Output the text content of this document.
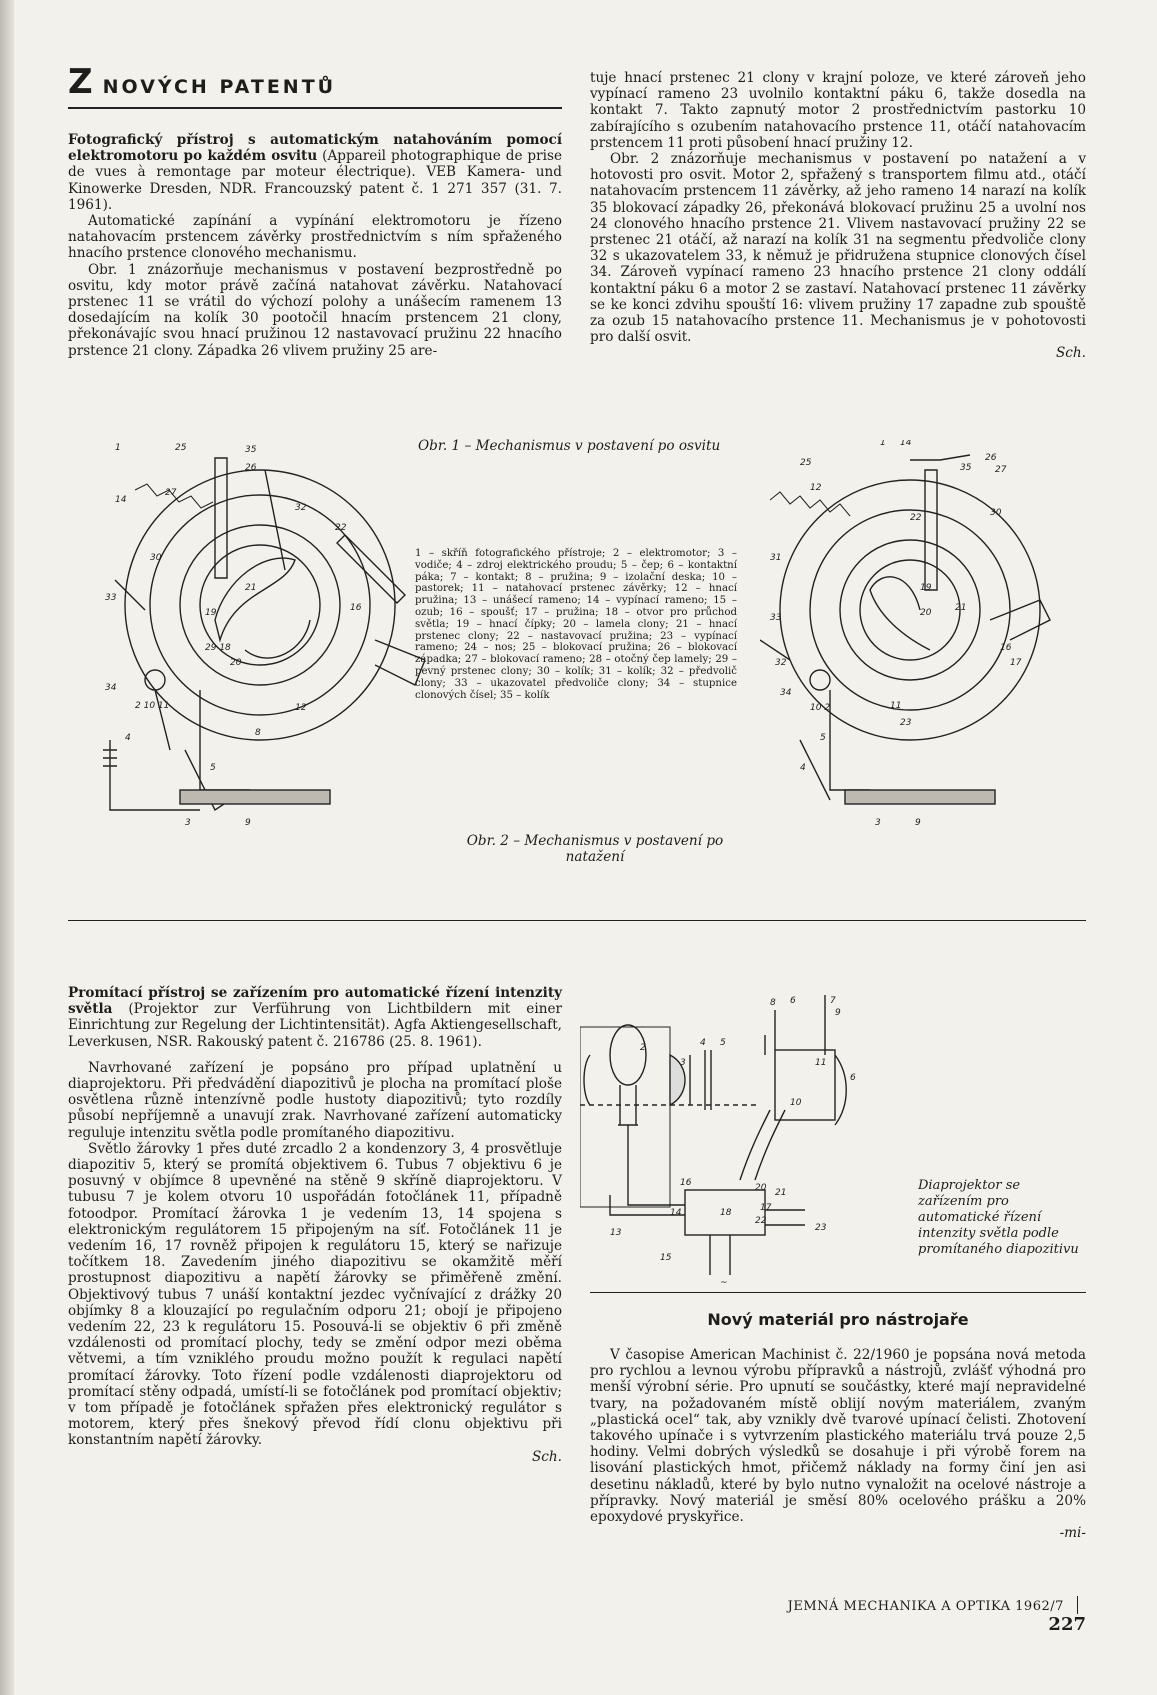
ZNOVÝCH PATENTŮ

Fotografický přístroj s automatickým natahováním pomocí elektromotoru po každém osvitu (Appareil photographique de prise de vues à remontage par moteur électrique). VEB Kamera- und Kinowerke Dresden, NDR. Francouzský patent č. 1 271 357 (31. 7. 1961).

Automatické zapínání a vypínání elektromotoru je řízeno natahovacím prstencem závěrky prostřednictvím s ním spřaženého hnacího prstence clonového mechanismu.

Obr. 1 znázorňuje mechanismus v postavení bezprostředně po osvitu, kdy motor právě začíná natahovat závěrku. Natahovací prstenec 11 se vrátil do výchozí polohy a unášecím ramenem 13 dosedajícím na kolík 30 pootočil hnacím prstencem 21 clony, překonávajíc svou hnací pružinou 12 nastavovací pružinu 22 hnacího prstence 21 clony. Západka 26 vlivem pružiny 25 are-

tuje hnací prstenec 21 clony v krajní poloze, ve které zároveň jeho vypínací rameno 23 uvolnilo kontaktní páku 6, takže dosedla na kontakt 7. Takto zapnutý motor 2 prostřednictvím pastorku 10 zabírajícího s ozubením natahovacího prstence 11, otáčí natahovacím prstencem 11 proti působení hnací pružiny 12.

Obr. 2 znázorňuje mechanismus v postavení po natažení a v hotovosti pro osvit. Motor 2, spřažený s transportem filmu atd., otáčí natahovacím prstencem 11 závěrky, až jeho rameno 14 narazí na kolík 35 blokovací západky 26, překonává blokovací pružinu 25 a uvolní nos 24 clonového hnacího prstence 21. Vlivem nastavovací pružiny 22 se prstenec 21 otáčí, až narazí na kolík 31 na segmentu předvoliče clony 32 s ukazovatelem 33, k němuž je přidružena stupnice clonových čísel 34. Zároveň vypínací rameno 23 hnacího prstence 21 clony oddálí kontaktní páku 6 a motor 2 se zastaví. Natahovací prstenec 11 závěrky se ke konci zdvihu spouští 16: vlivem pružiny 17 zapadne zub spouště za ozub 15 natahovacího prstence 11. Mechanismus je v pohotovosti pro další osvit.

Sch.
1	25	35
26
14
27
32
22
30
19
21
29 18
20
16
33
34
2 10 11	12
8
5
4
3	9
Obr. 1 – Mechanismus v postavení po osvitu
1 – skříň fotografického přístroje; 2 – elektromotor; 3 – vodiče; 4 – zdroj elektrického proudu; 5 – čep; 6 – kontaktní páka; 7 – kontakt; 8 – pružina; 9 – izolační deska; 10 – pastorek; 11 – natahovací prstenec závěrky; 12 – hnací pružina; 13 – unášecí rameno; 14 – vypínací rameno; 15 – ozub; 16 – spoušť; 17 – pružina; 18 – otvor pro průchod světla; 19 – hnací čípky; 20 – lamela clony; 21 – hnací prstenec clony; 22 – nastavovací pružina; 23 – vypínací rameno; 24 – nos; 25 – blokovací pružina; 26 – blokovací západka; 27 – blokovací rameno; 28 – otočný čep lamely; 29 – pevný prstenec clony; 30 – kolík; 31 – kolík; 32 – předvolič clony; 33 – ukazovatel předvoliče clony; 34 – stupnice clonových čísel; 35 – kolík
Obr. 2 – Mechanismus v postavení po natažení
1 14
25	35
26
27
12
22	30
31
19
20	21
33
32
16
17
34
10 2	11
23
5
4
3	9

Promítací přístroj se zařízením pro automatické řízení intenzity světla (Projektor zur Verführung von Lichtbildern mit einer Einrichtung zur Regelung der Lichtintensität). Agfa Aktiengesellschaft, Leverkusen, NSR. Rakouský patent č. 216786 (25. 8. 1961).

Navrhované zařízení je popsáno pro případ uplatnění u diaprojektoru. Při předvádění diapozitivů je plocha na promítací ploše osvětlena různě intenzívně podle hustoty diapozitivů; tyto rozdíly působí nepříjemně a unavují zrak. Navrhované zařízení automaticky reguluje intenzitu světla podle promítaného diapozitivu.

Světlo žárovky 1 přes duté zrcadlo 2 a kondenzory 3, 4 prosvětluje diapozitiv 5, který se promítá objektivem 6. Tubus 7 objektivu 6 je posuvný v objímce 8 upevněné na stěně 9 skříně diaprojektoru. V tubusu 7 je kolem otvoru 10 uspořádán fotočlánek 11, případně fotoodpor. Promítací žárovka 1 je vedením 13, 14 spojena s elektronickým regulátorem 15 připojeným na síť. Fotočlánek 11 je vedením 16, 17 rovněž připojen k regulátoru 15, který se nařizuje točítkem 18. Zavedením jiného diapozitivu se okamžitě měří prostupnost diapozitivu a napětí žárovky se přiměřeně změní. Objektivový tubus 7 unáší kontaktní jezdec vyčnívající z drážky 20 objímky 8 a klouzající po regulačním odporu 21; obojí je připojeno vedením 22, 23 k regulátoru 15. Posouvá-li se objektiv 6 při změně vzdálenosti od promítací plochy, tedy se změní odpor mezi oběma větvemi, a tím vzniklého proudu možno použít k regulaci napětí promítací žárovky. Toto řízení podle vzdálenosti diaprojektoru od promítací stěny odpadá, umístí-li se fotočlánek pod promítací objektiv; v tom případě je fotočlánek spřažen přes elektronický regulátor s motorem, který přes šnekový převod řídí clonu objektivu při konstantním napětí žárovky.

Sch.
8 6	7
9
3
4 5
6
11
10
2
16
14
13
18
20 21
17
22
23
15
~
Diaprojektor se zařízením pro automatické řízení intenzity světla podle promítaného diapozitivu
Nový materiál pro nástrojaře

V časopise American Machinist č. 22/1960 je popsána nová metoda pro rychlou a levnou výrobu přípravků a nástrojů, zvlášť výhodná pro menší výrobní série. Pro upnutí se součástky, které mají nepravidelné tvary, na požadovaném místě oblijí novým materiálem, zvaným „plastická ocel“ tak, aby vznikly dvě tvarové upínací čelisti. Zhotovení takového upínače i s vytvrzením plastického materiálu trvá pouze 2,5 hodiny. Velmi dobrých výsledků se dosahuje i při výrobě forem na lisování plastických hmot, přičemž náklady na formy činí jen asi desetinu nákladů, které by bylo nutno vynaložit na ocelové nástroje a přípravky. Nový materiál je směsí 80% ocelového prášku a 20% epoxydové pryskyřice.

-mi-
JEMNÁ MECHANIKA A OPTIKA 1962/7  227
